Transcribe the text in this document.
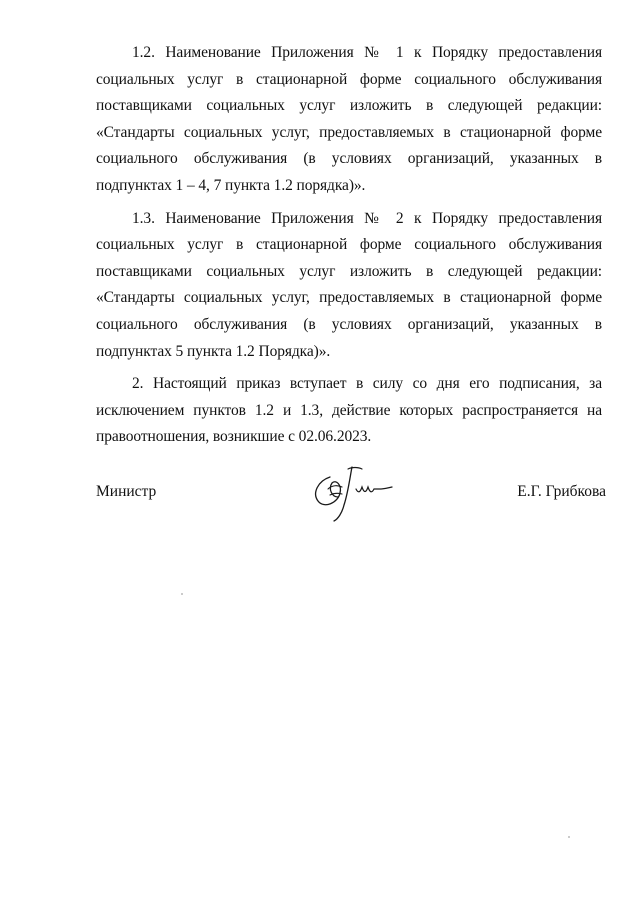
1.2. Наименование Приложения № 1 к Порядку предоставления социальных услуг в стационарной форме социального обслуживания поставщиками социальных услуг изложить в следующей редакции: «Стандарты социальных услуг, предоставляемых в стационарной форме социального обслуживания (в условиях организаций, указанных в подпунктах 1 – 4, 7 пункта 1.2 порядка)».

1.3. Наименование Приложения № 2 к Порядку предоставления социальных услуг в стационарной форме социального обслуживания поставщиками социальных услуг изложить в следующей редакции: «Стандарты социальных услуг, предоставляемых в стационарной форме социального обслуживания (в условиях организаций, указанных в подпунктах 5 пункта 1.2 Порядка)».

2. Настоящий приказ вступает в силу со дня его подписания, за исключением пунктов 1.2 и 1.3, действие которых распространяется на правоотношения, возникшие с 02.06.2023.

Министр	Е.Г. Грибкова
